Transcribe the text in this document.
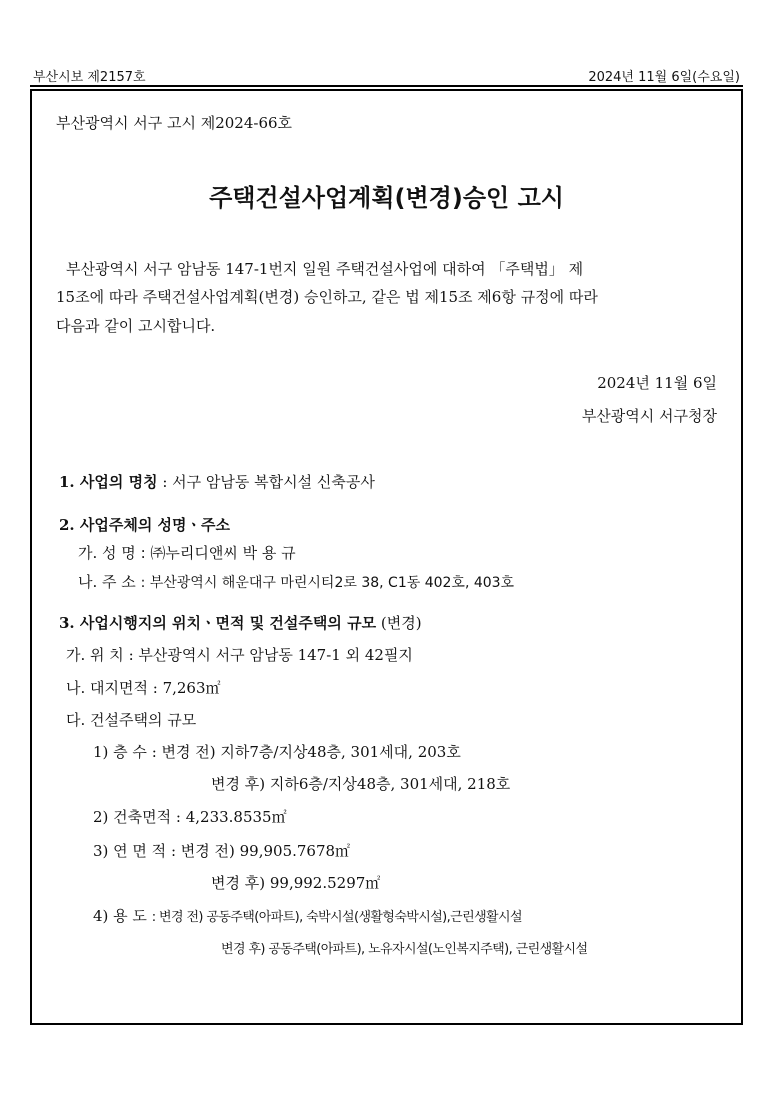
부산시보 제2157호	2024년 11월 6일(수요일)
부산광역시 서구 고시 제2024-66호
주택건설사업계획(변경)승인 고시
부산광역시 서구 암남동 147-1번지 일원 주택건설사업에 대하여 「주택법」 제
15조에 따라 주택건설사업계획(변경) 승인하고, 같은 법 제15조 제6항 규정에 따라
다음과 같이 고시합니다.
2024년 11월 6일
부산광역시 서구청장
1. 사업의 명칭 : 서구 암남동 복합시설 신축공사
2. 사업주체의 성명ㆍ주소
가. 성 명 : ㈜누리디앤씨 박 용 규
나. 주 소 : 부산광역시 해운대구 마린시티2로 38, C1동 402호, 403호
3. 사업시행지의 위치ㆍ면적 및 건설주택의 규모 (변경)
가. 위 치 : 부산광역시 서구 암남동 147-1 외 42필지
나. 대지면적 : 7,263㎡
다. 건설주택의 규모
1) 층 수 : 변경 전) 지하7층/지상48층, 301세대, 203호
변경 후) 지하6층/지상48층, 301세대, 218호
2) 건축면적 : 4,233.8535㎡
3) 연 면 적 : 변경 전) 99,905.7678㎡
변경 후) 99,992.5297㎡
4) 용 도 : 변경 전) 공동주택(아파트), 숙박시설(생활형숙박시설),근린생활시설
변경 후) 공동주택(아파트), 노유자시설(노인복지주택), 근린생활시설
